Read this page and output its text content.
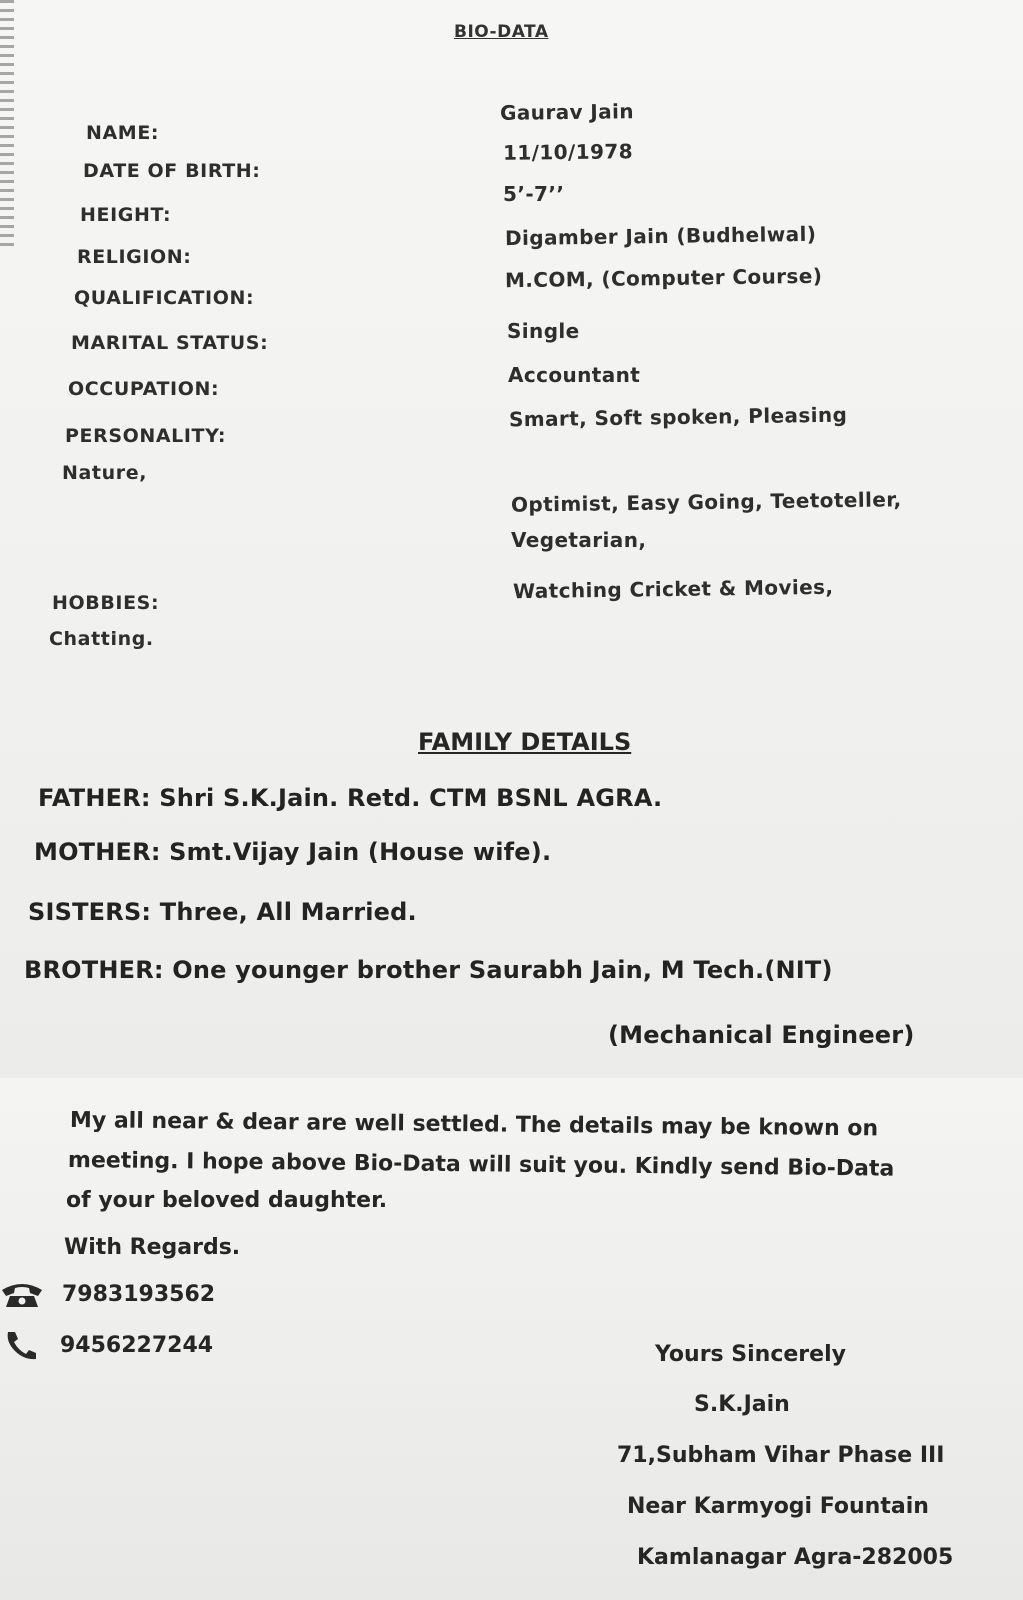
BIO-DATA
NAME:
DATE OF BIRTH:
HEIGHT:
RELIGION:
QUALIFICATION:
MARITAL STATUS:
OCCUPATION:
PERSONALITY:
Nature,
HOBBIES:
Chatting.
Gaurav Jain
11/10/1978
5’-7’’
Digamber Jain (Budhelwal)
M.COM, (Computer Course)
Single
Accountant
Smart, Soft spoken, Pleasing
Optimist, Easy Going, Teetoteller,
Vegetarian,
Watching Cricket & Movies,
FAMILY DETAILS
FATHER: Shri S.K.Jain. Retd. CTM BSNL AGRA.
MOTHER: Smt.Vijay Jain (House wife).
SISTERS: Three, All Married.
BROTHER: One younger brother Saurabh Jain, M Tech.(NIT)
(Mechanical Engineer)
My all near & dear are well settled. The details may be known on
meeting. I hope above Bio-Data will suit you. Kindly send Bio-Data
of your beloved daughter.
With Regards.
7983193562
9456227244	Yours Sincerely
S.K.Jain
71,Subham Vihar Phase III
Near Karmyogi Fountain
Kamlanagar Agra-282005
